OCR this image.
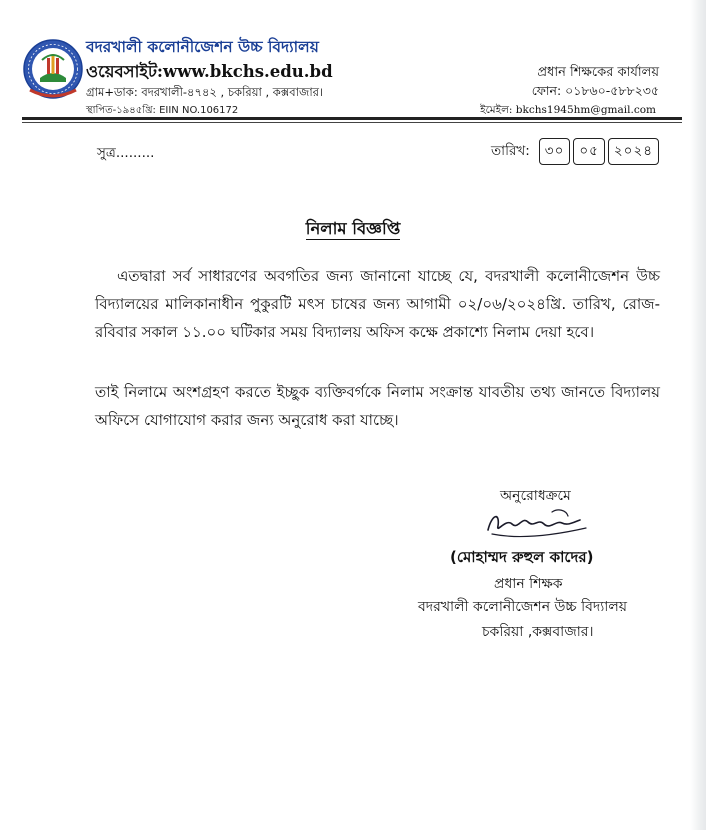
বদরখালী কলোনীজেশন উচ্চ বিদ্যালয়
ওয়েবসাইট:www.bkchs.edu.bd
গ্রাম+ডাক: বদরখালী-৪৭৪২ , চকরিয়া , কক্সবাজার।
স্থাপিত-১৯৪৫খ্রি: EIIN NO.106172
প্রধান শিক্ষকের কার্যালয়
ফোন: ০১৮৬০-৫৮৮২৩৫
ইমেইল: bkchs1945hm@gmail.com
সুত্র.........	তারিখ:	৩০	০৫	২০২৪
নিলাম বিজ্ঞপ্তি
এতদ্বারা সর্ব সাধারণের অবগতির জন্য জানানো যাচ্ছে যে, বদরখালী কলোনীজেশন উচ্চ বিদ্যালয়ের মালিকানাধীন পুকুরটি মৎস চাষের জন্য আগামী ০২/০৬/২০২৪খ্রি. তারিখ, রোজ-রবিবার সকাল ১১.০০ ঘটিকার সময় বিদ্যালয় অফিস কক্ষে প্রকাশ্যে নিলাম দেয়া হবে।
তাই নিলামে অংশগ্রহণ করতে ইচ্ছুক ব্যক্তিবর্গকে নিলাম সংক্রান্ত যাবতীয় তথ্য জানতে বিদ্যালয় অফিসে যোগাযোগ করার জন্য অনুরোধ করা যাচ্ছে।
অনুরোধক্রমে
(মোহাম্মদ রুহুল কাদের)
প্রধান শিক্ষক
বদরখালী কলোনীজেশন উচ্চ বিদ্যালয়
চকরিয়া ,কক্সবাজার।
